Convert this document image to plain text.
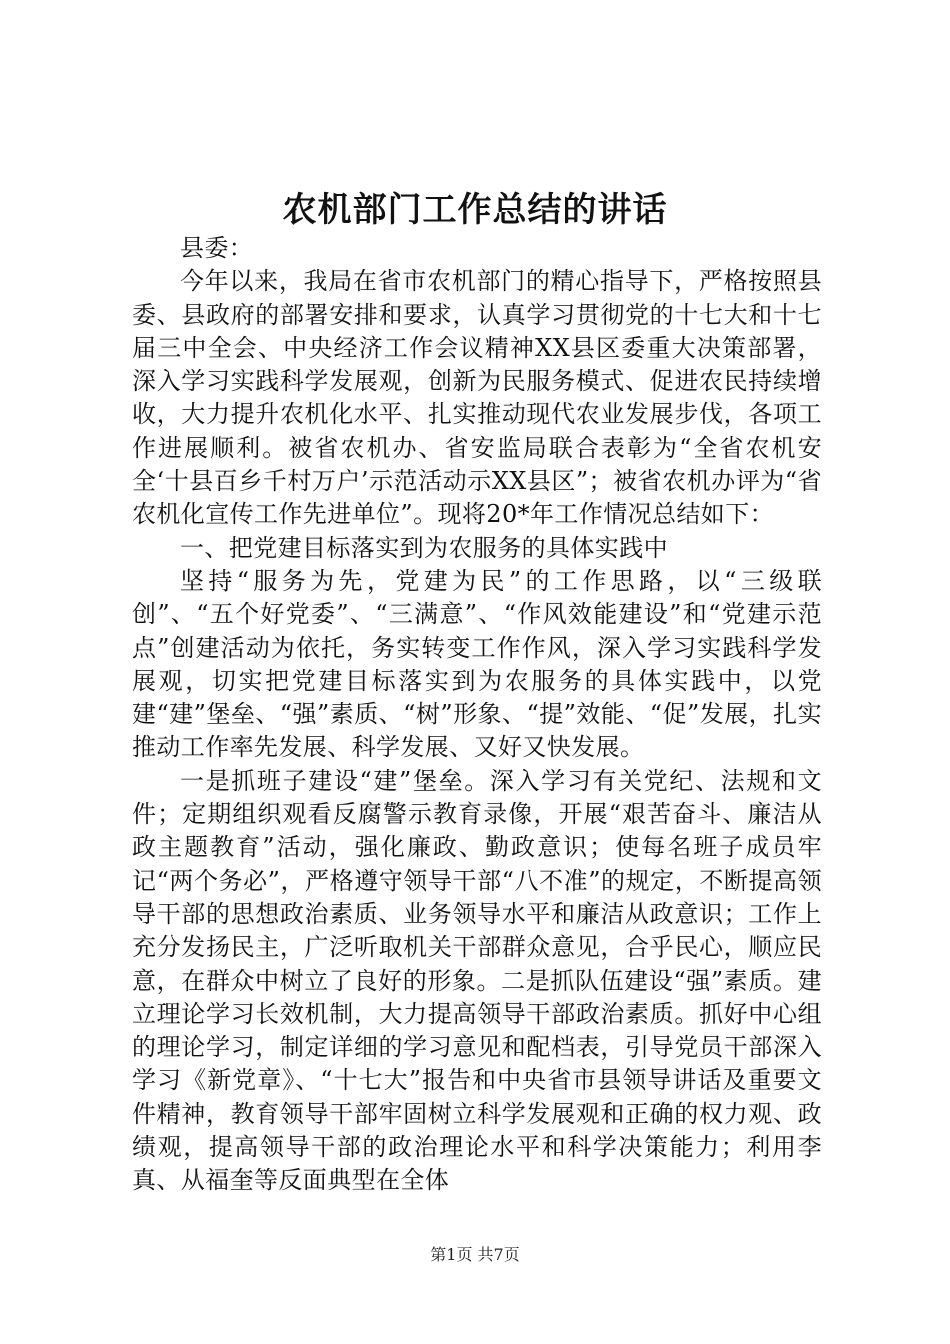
农机部门工作总结的讲话

县委：

今年以来，我局在省市农机部门的精心指导下，严格按照县委、县政府的部署安排和要求，认真学习贯彻党的十七大和十七届三中全会、中央经济工作会议精神XX县区委重大决策部署，深入学习实践科学发展观，创新为民服务模式、促进农民持续增收，大力提升农机化水平、扎实推动现代农业发展步伐，各项工作进展顺利。被省农机办、省安监局联合表彰为“全省农机安全‘十县百乡千村万户’示范活动示XX县区”；被省农机办评为“省农机化宣传工作先进单位”。现将20*年工作情况总结如下：

一、把党建目标落实到为农服务的具体实践中

坚持“服务为先，党建为民”的工作思路，以“三级联创”、“五个好党委”、“三满意”、“作风效能建设”和“党建示范点”创建活动为依托，务实转变工作作风，深入学习实践科学发展观，切实把党建目标落实到为农服务的具体实践中，以党建“建”堡垒、“强”素质、“树”形象、“提”效能、“促”发展，扎实推动工作率先发展、科学发展、又好又快发展。

一是抓班子建设“建”堡垒。深入学习有关党纪、法规和文件；定期组织观看反腐警示教育录像，开展“艰苦奋斗、廉洁从政主题教育”活动，强化廉政、勤政意识；使每名班子成员牢记“两个务必”，严格遵守领导干部“八不准”的规定，不断提高领导干部的思想政治素质、业务领导水平和廉洁从政意识；工作上充分发扬民主，广泛听取机关干部群众意见，合乎民心，顺应民意，在群众中树立了良好的形象。二是抓队伍建设“强”素质。建立理论学习长效机制，大力提高领导干部政治素质。抓好中心组的理论学习，制定详细的学习意见和配档表，引导党员干部深入学习《新党章》、“十七大”报告和中央省市县领导讲话及重要文件精神，教育领导干部牢固树立科学发展观和正确的权力观、政绩观，提高领导干部的政治理论水平和科学决策能力；利用李真、从福奎等反面典型在全体

第1页 共7页
